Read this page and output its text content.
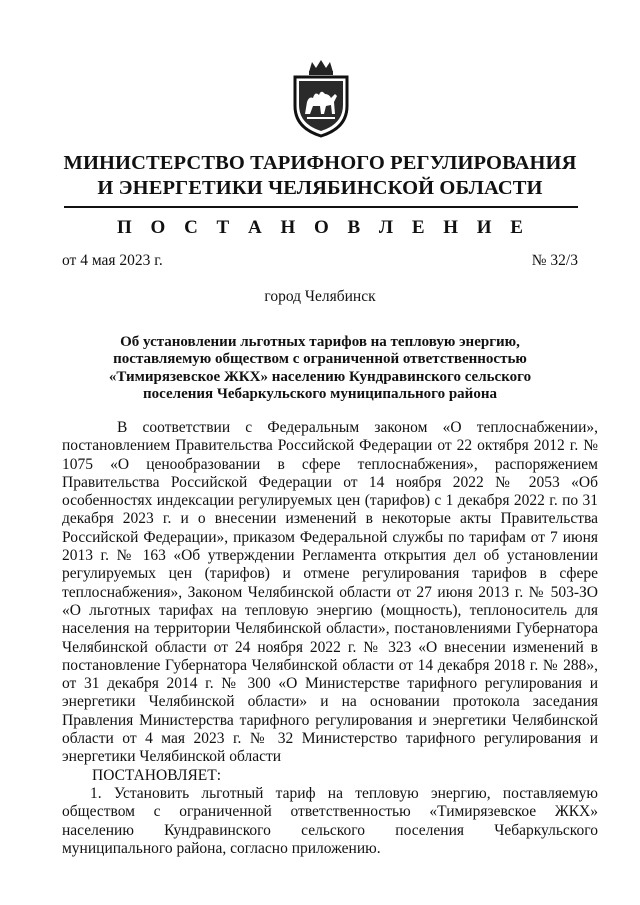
МИНИСТЕРСТВО ТАРИФНОГО РЕГУЛИРОВАНИЯ
И ЭНЕРГЕТИКИ ЧЕЛЯБИНСКОЙ ОБЛАСТИ
П О С Т А Н О В Л Е Н И Е
от 4 мая 2023 г.	№ 32/3
город Челябинск
Об установлении льготных тарифов на тепловую энергию, поставляемую обществом с ограниченной ответственностью «Тимирязевское ЖКХ» населению Кундравинского сельского поселения Чебаркульского муниципального района

В соответствии с Федеральным законом «О теплоснабжении», постановлением Правительства Российской Федерации от 22 октября 2012 г. № 1075 «О ценообразовании в сфере теплоснабжения», распоряжением Правительства Российской Федерации от 14 ноября 2022 № 2053 «Об особенностях индексации регулируемых цен (тарифов) с 1 декабря 2022 г. по 31 декабря 2023 г. и о внесении изменений в некоторые акты Правительства Российской Федерации», приказом Федеральной службы по тарифам от 7 июня 2013 г. № 163 «Об утверждении Регламента открытия дел об установлении регулируемых цен (тарифов) и отмене регулирования тарифов в сфере теплоснабжения», Законом Челябинской области от 27 июня 2013 г. № 503-ЗО «О льготных тарифах на тепловую энергию (мощность), теплоноситель для населения на территории Челябинской области», постановлениями Губернатора Челябинской области от 24 ноября 2022 г. № 323 «О внесении изменений в постановление Губернатора Челябинской области от 14 декабря 2018 г. № 288», от 31 декабря 2014 г. № 300 «О Министерстве тарифного регулирования и энергетики Челябинской области» и на основании протокола заседания Правления Министерства тарифного регулирования и энергетики Челябинской области от 4 мая 2023 г. № 32 Министерство тарифного регулирования и энергетики Челябинской области

ПОСТАНОВЛЯЕТ:

1. Установить льготный тариф на тепловую энергию, поставляемую обществом с ограниченной ответственностью «Тимирязевское ЖКХ» населению Кундравинского сельского поселения Чебаркульского муниципального района, согласно приложению.
